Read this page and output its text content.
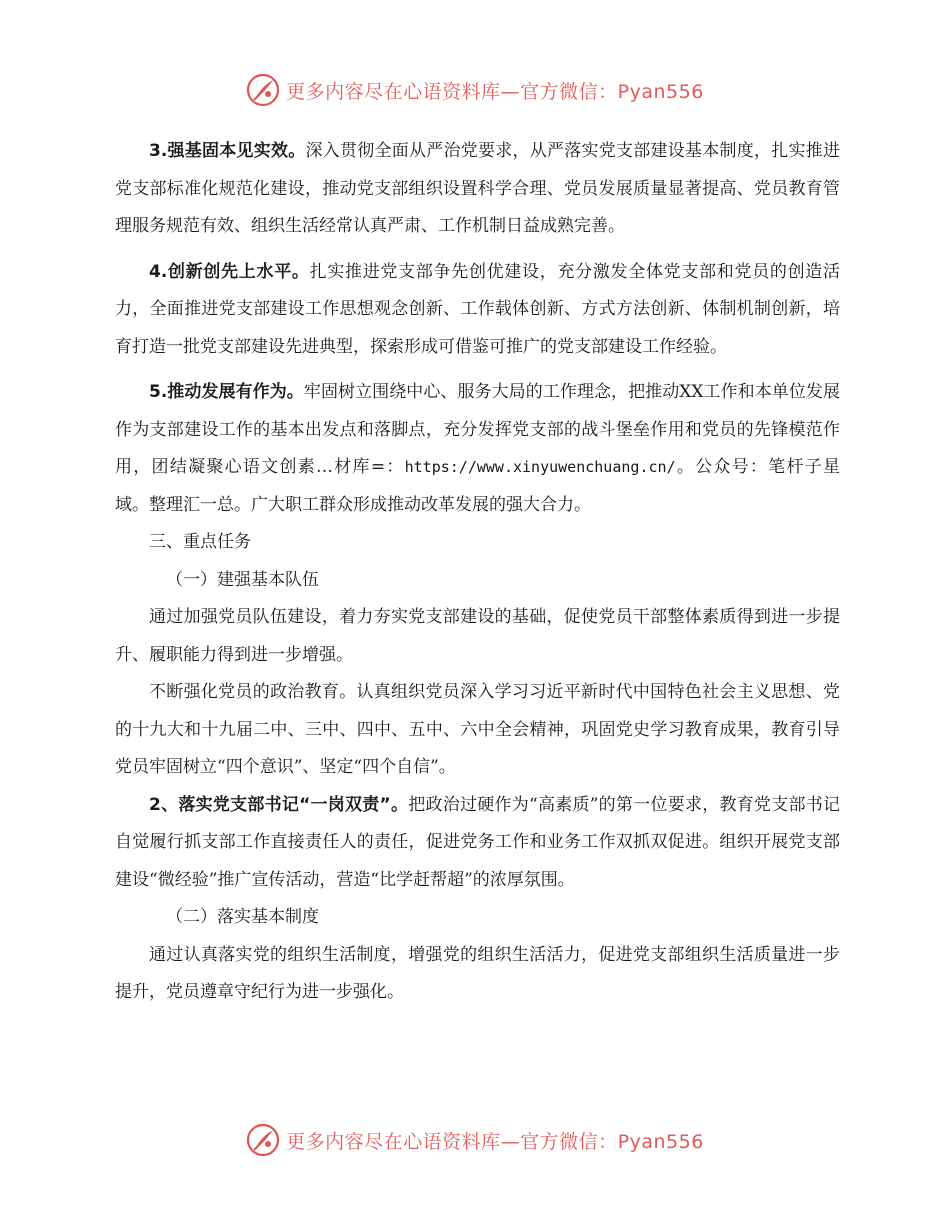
更多内容尽在心语资料库—官方微信：Pyan556

3.强基固本见实效。深入贯彻全面从严治党要求，从严落实党支部建设基本制度，扎实推进党支部标准化规范化建设，推动党支部组织设置科学合理、党员发展质量显著提高、党员教育管理服务规范有效、组织生活经常认真严肃、工作机制日益成熟完善。

4.创新创先上水平。扎实推进党支部争先创优建设，充分激发全体党支部和党员的创造活力，全面推进党支部建设工作思想观念创新、工作载体创新、方式方法创新、体制机制创新，培育打造一批党支部建设先进典型，探索形成可借鉴可推广的党支部建设工作经验。

5.推动发展有作为。牢固树立围绕中心、服务大局的工作理念，把推动XX工作和本单位发展作为支部建设工作的基本出发点和落脚点，充分发挥党支部的战斗堡垒作用和党员的先锋模范作用，团结凝聚心语文创素…材库=：https://www.xinyuwenchuang.cn/。公众号：笔杆子星域。整理汇一总。广大职工群众形成推动改革发展的强大合力。

三、重点任务

（一）建强基本队伍

通过加强党员队伍建设，着力夯实党支部建设的基础，促使党员干部整体素质得到进一步提升、履职能力得到进一步增强。

不断强化党员的政治教育。认真组织党员深入学习习近平新时代中国特色社会主义思想、党的十九大和十九届二中、三中、四中、五中、六中全会精神，巩固党史学习教育成果，教育引导党员牢固树立“四个意识”、坚定“四个自信”。

2、落实党支部书记“一岗双责”。把政治过硬作为“高素质”的第一位要求，教育党支部书记自觉履行抓支部工作直接责任人的责任，促进党务工作和业务工作双抓双促进。组织开展党支部建设“微经验”推广宣传活动，营造“比学赶帮超”的浓厚氛围。

（二）落实基本制度

通过认真落实党的组织生活制度，增强党的组织生活活力，促进党支部组织生活质量进一步提升，党员遵章守纪行为进一步强化。

更多内容尽在心语资料库—官方微信：Pyan556
